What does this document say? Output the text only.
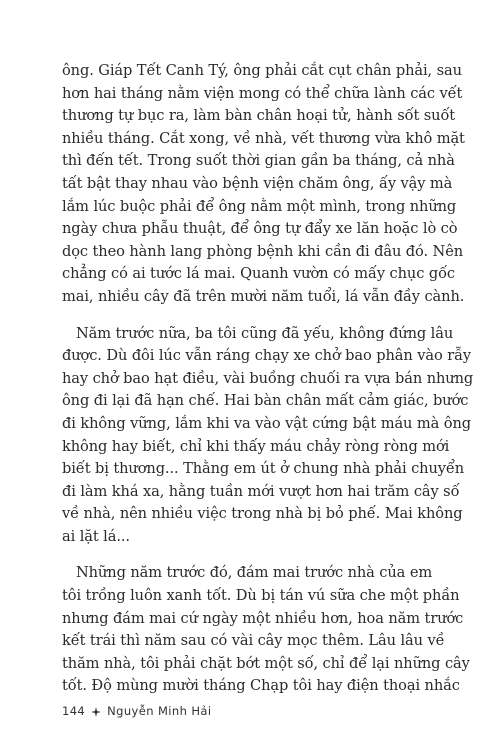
ông. Giáp Tết Canh Tý, ông phải cắt cụt chân phải, sau
hơn hai tháng nằm viện mong có thể chữa lành các vết
thương tự bục ra, làm bàn chân hoại tử, hành sốt suốt
nhiều tháng. Cắt xong, về nhà, vết thương vừa khô mặt
thì đến tết. Trong suốt thời gian gần ba tháng, cả nhà
tất bật thay nhau vào bệnh viện chăm ông, ấy vậy mà
lắm lúc buộc phải để ông nằm một mình, trong những
ngày chưa phẫu thuật, để ông tự đẩy xe lăn hoặc lò cò
dọc theo hành lang phòng bệnh khi cần đi đâu đó. Nên
chẳng có ai tước lá mai. Quanh vườn có mấy chục gốc
mai, nhiều cây đã trên mười năm tuổi, lá vẫn đầy cành.

Năm trước nữa, ba tôi cũng đã yếu, không đứng lâu
được. Dù đôi lúc vẫn ráng chạy xe chở bao phân vào rẫy
hay chở bao hạt điều, vài buồng chuối ra vựa bán nhưng
ông đi lại đã hạn chế. Hai bàn chân mất cảm giác, bước
đi không vững, lắm khi va vào vật cứng bật máu mà ông
không hay biết, chỉ khi thấy máu chảy ròng ròng mới
biết bị thương... Thằng em út ở chung nhà phải chuyển
đi làm khá xa, hằng tuần mới vượt hơn hai trăm cây số
về nhà, nên nhiều việc trong nhà bị bỏ phế. Mai không
ai lặt lá...

Những năm trước đó, đám mai trước nhà của em
tôi trồng luôn xanh tốt. Dù bị tán vú sữa che một phần
nhưng đám mai cứ ngày một nhiều hơn, hoa năm trước
kết trái thì năm sau có vài cây mọc thêm. Lâu lâu về
thăm nhà, tôi phải chặt bớt một số, chỉ để lại những cây
tốt. Độ mùng mười tháng Chạp tôi hay điện thoại nhắc

144 Nguyễn Minh Hải
